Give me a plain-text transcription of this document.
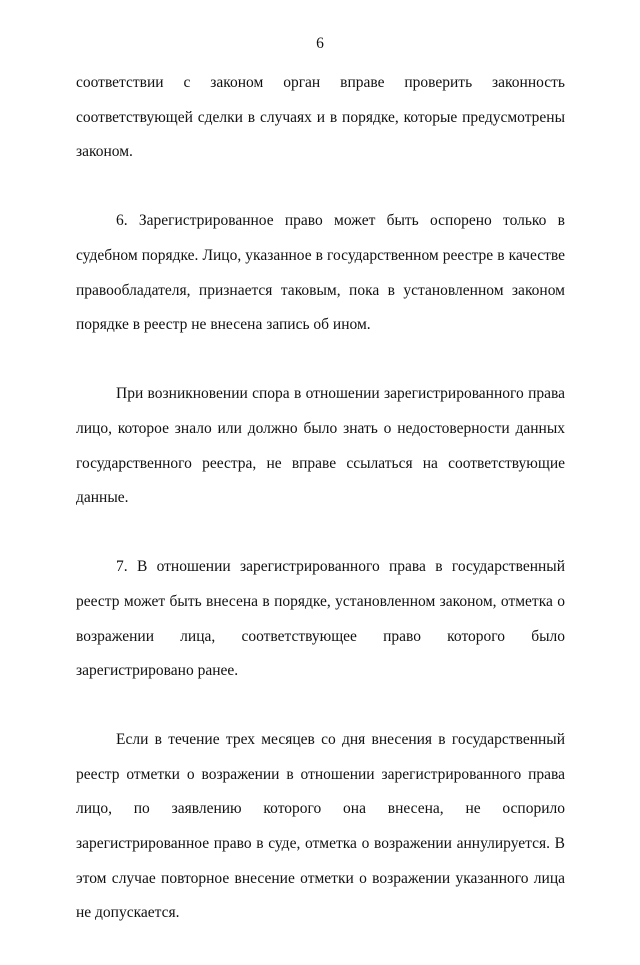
6

соответствии с законом орган вправе проверить законность соответствующей сделки в случаях и в порядке, которые предусмотрены законом.

6. Зарегистрированное право может быть оспорено только в судебном порядке. Лицо, указанное в государственном реестре в качестве правообладателя, признается таковым, пока в установленном законом порядке в реестр не внесена запись об ином.

При возникновении спора в отношении зарегистрированного права лицо, которое знало или должно было знать о недостоверности данных государственного реестра, не вправе ссылаться на соответствующие данные.

7. В отношении зарегистрированного права в государственный реестр может быть внесена в порядке, установленном законом, отметка о возражении лица, соответствующее право которого было зарегистрировано ранее.

Если в течение трех месяцев со дня внесения в государственный реестр отметки о возражении в отношении зарегистрированного права лицо, по заявлению которого она внесена, не оспорило зарегистрированное право в суде, отметка о возражении аннулируется. В этом случае повторное внесение отметки о возражении указанного лица не допускается.
